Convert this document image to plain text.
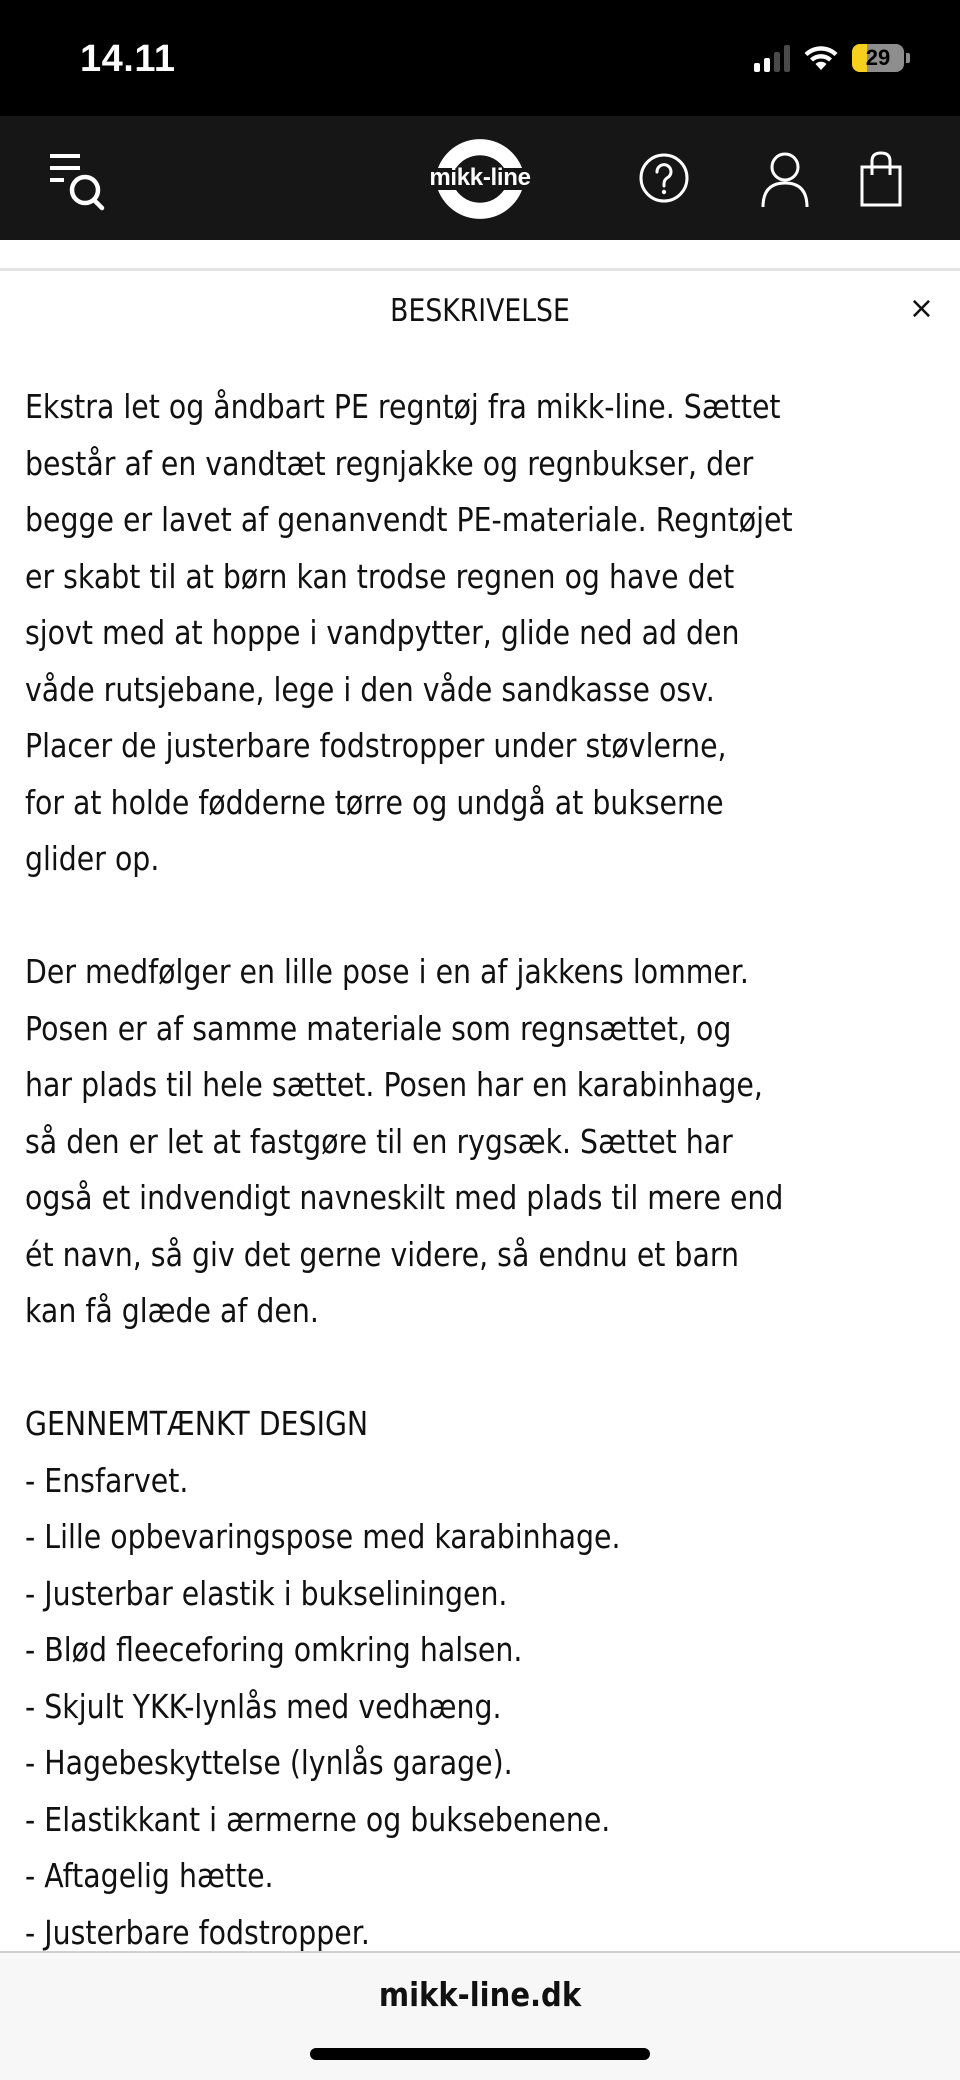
14.11	29
mikk-line
BESKRIVELSE	×
Ekstra let og åndbart PE regntøj fra mikk-line. Sættet
består af en vandtæt regnjakke og regnbukser, der
begge er lavet af genanvendt PE-materiale. Regntøjet
er skabt til at børn kan trodse regnen og have det
sjovt med at hoppe i vandpytter, glide ned ad den
våde rutsjebane, lege i den våde sandkasse osv.
Placer de justerbare fodstropper under støvlerne,
for at holde fødderne tørre og undgå at bukserne
glider op.
Der medfølger en lille pose i en af jakkens lommer.
Posen er af samme materiale som regnsættet, og
har plads til hele sættet. Posen har en karabinhage,
så den er let at fastgøre til en rygsæk. Sættet har
også et indvendigt navneskilt med plads til mere end
ét navn, så giv det gerne videre, så endnu et barn
kan få glæde af den.
GENNEMTÆNKT DESIGN
- Ensfarvet.
- Lille opbevaringspose med karabinhage.
- Justerbar elastik i bukseliningen.
- Blød fleeceforing omkring halsen.
- Skjult YKK-lynlås med vedhæng.
- Hagebeskyttelse (lynlås garage).
- Elastikkant i ærmerne og buksebenene.
- Aftagelig hætte.
- Justerbare fodstropper.
mikk-line.dk
